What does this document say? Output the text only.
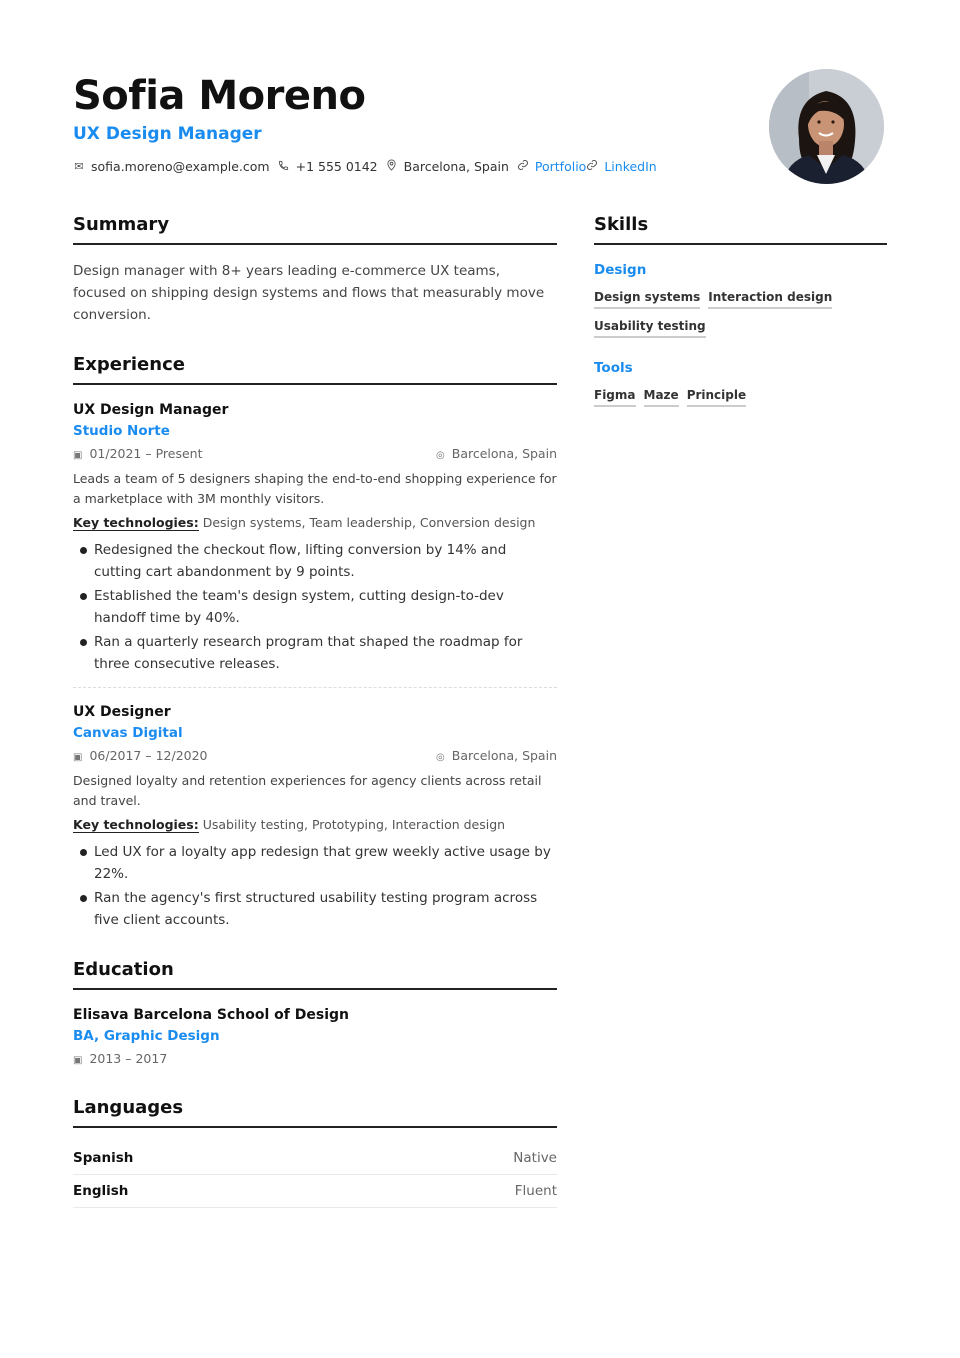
Sofia Moreno
UX Design Manager
✉ sofia.moreno@example.com +1 555 0142 Barcelona, Spain Portfolio LinkedIn
Summary
Design manager with 8+ years leading e-commerce UX teams, focused on shipping design systems and flows that measurably move conversion.
Experience
UX Design Manager
Studio Norte
▣ 01/2021 – Present	◎ Barcelona, Spain
Leads a team of 5 designers shaping the end-to-end shopping experience for a marketplace with 3M monthly visitors.
Key technologies: Design systems, Team leadership, Conversion design
Redesigned the checkout flow, lifting conversion by 14% and cutting cart abandonment by 9 points.
Established the team's design system, cutting design-to-dev handoff time by 40%.
Ran a quarterly research program that shaped the roadmap for three consecutive releases.
UX Designer
Canvas Digital
▣ 06/2017 – 12/2020	◎ Barcelona, Spain
Designed loyalty and retention experiences for agency clients across retail and travel.
Key technologies: Usability testing, Prototyping, Interaction design
Led UX for a loyalty app redesign that grew weekly active usage by 22%.
Ran the agency's first structured usability testing program across five client accounts.
Education
Elisava Barcelona School of Design
BA, Graphic Design
▣ 2013 – 2017
Languages
Spanish	Native
English	Fluent
Skills
Design
Design systems Interaction design
Usability testing
Tools
Figma Maze Principle
